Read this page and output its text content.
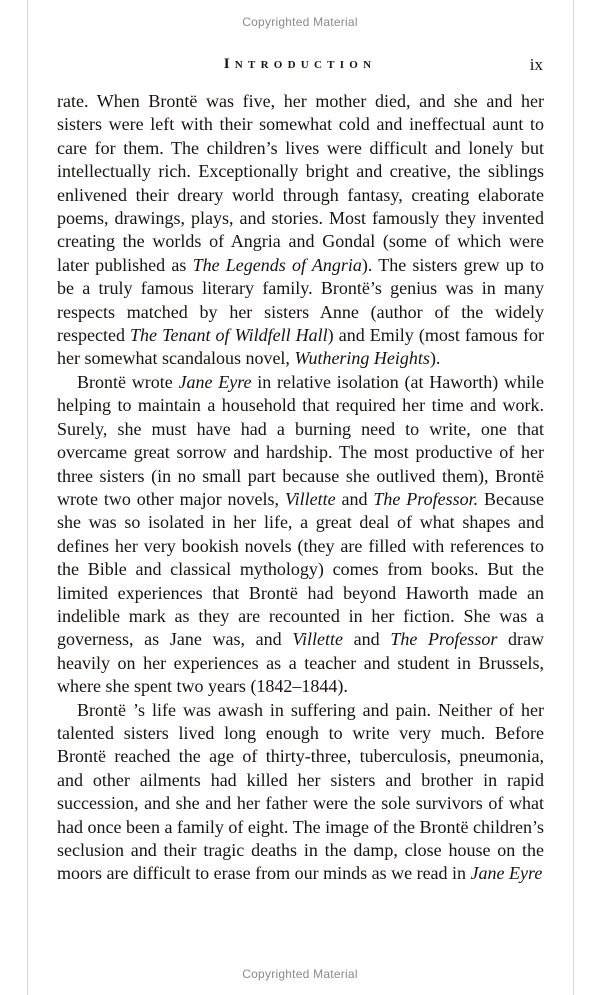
Copyrighted Material
Introduction	ix

rate. When Brontë was five, her mother died, and she and her sisters were left with their somewhat cold and ineffectual aunt to care for them. The children’s lives were difficult and lonely but intellectually rich. Exceptionally bright and creative, the siblings enlivened their dreary world through fantasy, creating elaborate poems, drawings, plays, and stories. Most famously they invented creating the worlds of Angria and Gondal (some of which were later published as The Legends of Angria). The sisters grew up to be a truly famous literary family. Brontë’s genius was in many respects matched by her sisters Anne (author of the widely respected The Tenant of Wildfell Hall) and Emily (most famous for her somewhat scandalous novel, Wuthering Heights).

Brontë wrote Jane Eyre in relative isolation (at Haworth) while helping to maintain a household that required her time and work. Surely, she must have had a burning need to write, one that overcame great sorrow and hardship. The most productive of her three sisters (in no small part because she outlived them), Brontë wrote two other major novels, Villette and The Professor. Because she was so isolated in her life, a great deal of what shapes and defines her very bookish novels (they are filled with references to the Bible and classical mythology) comes from books. But the limited experiences that Brontë had beyond Haworth made an indelible mark as they are recounted in her fiction. She was a governess, as Jane was, and Villette and The Professor draw heavily on her experiences as a teacher and student in Brussels, where she spent two years (1842–1844).

Brontë ’s life was awash in suffering and pain. Neither of her talented sisters lived long enough to write very much. Before Brontë reached the age of thirty-three, tuberculosis, pneumonia, and other ailments had killed her sisters and brother in rapid succession, and she and her father were the sole survivors of what had once been a family of eight. The image of the Brontë children’s seclusion and their tragic deaths in the damp, close house on the moors are difficult to erase from our minds as we read in Jane Eyre

Copyrighted Material
